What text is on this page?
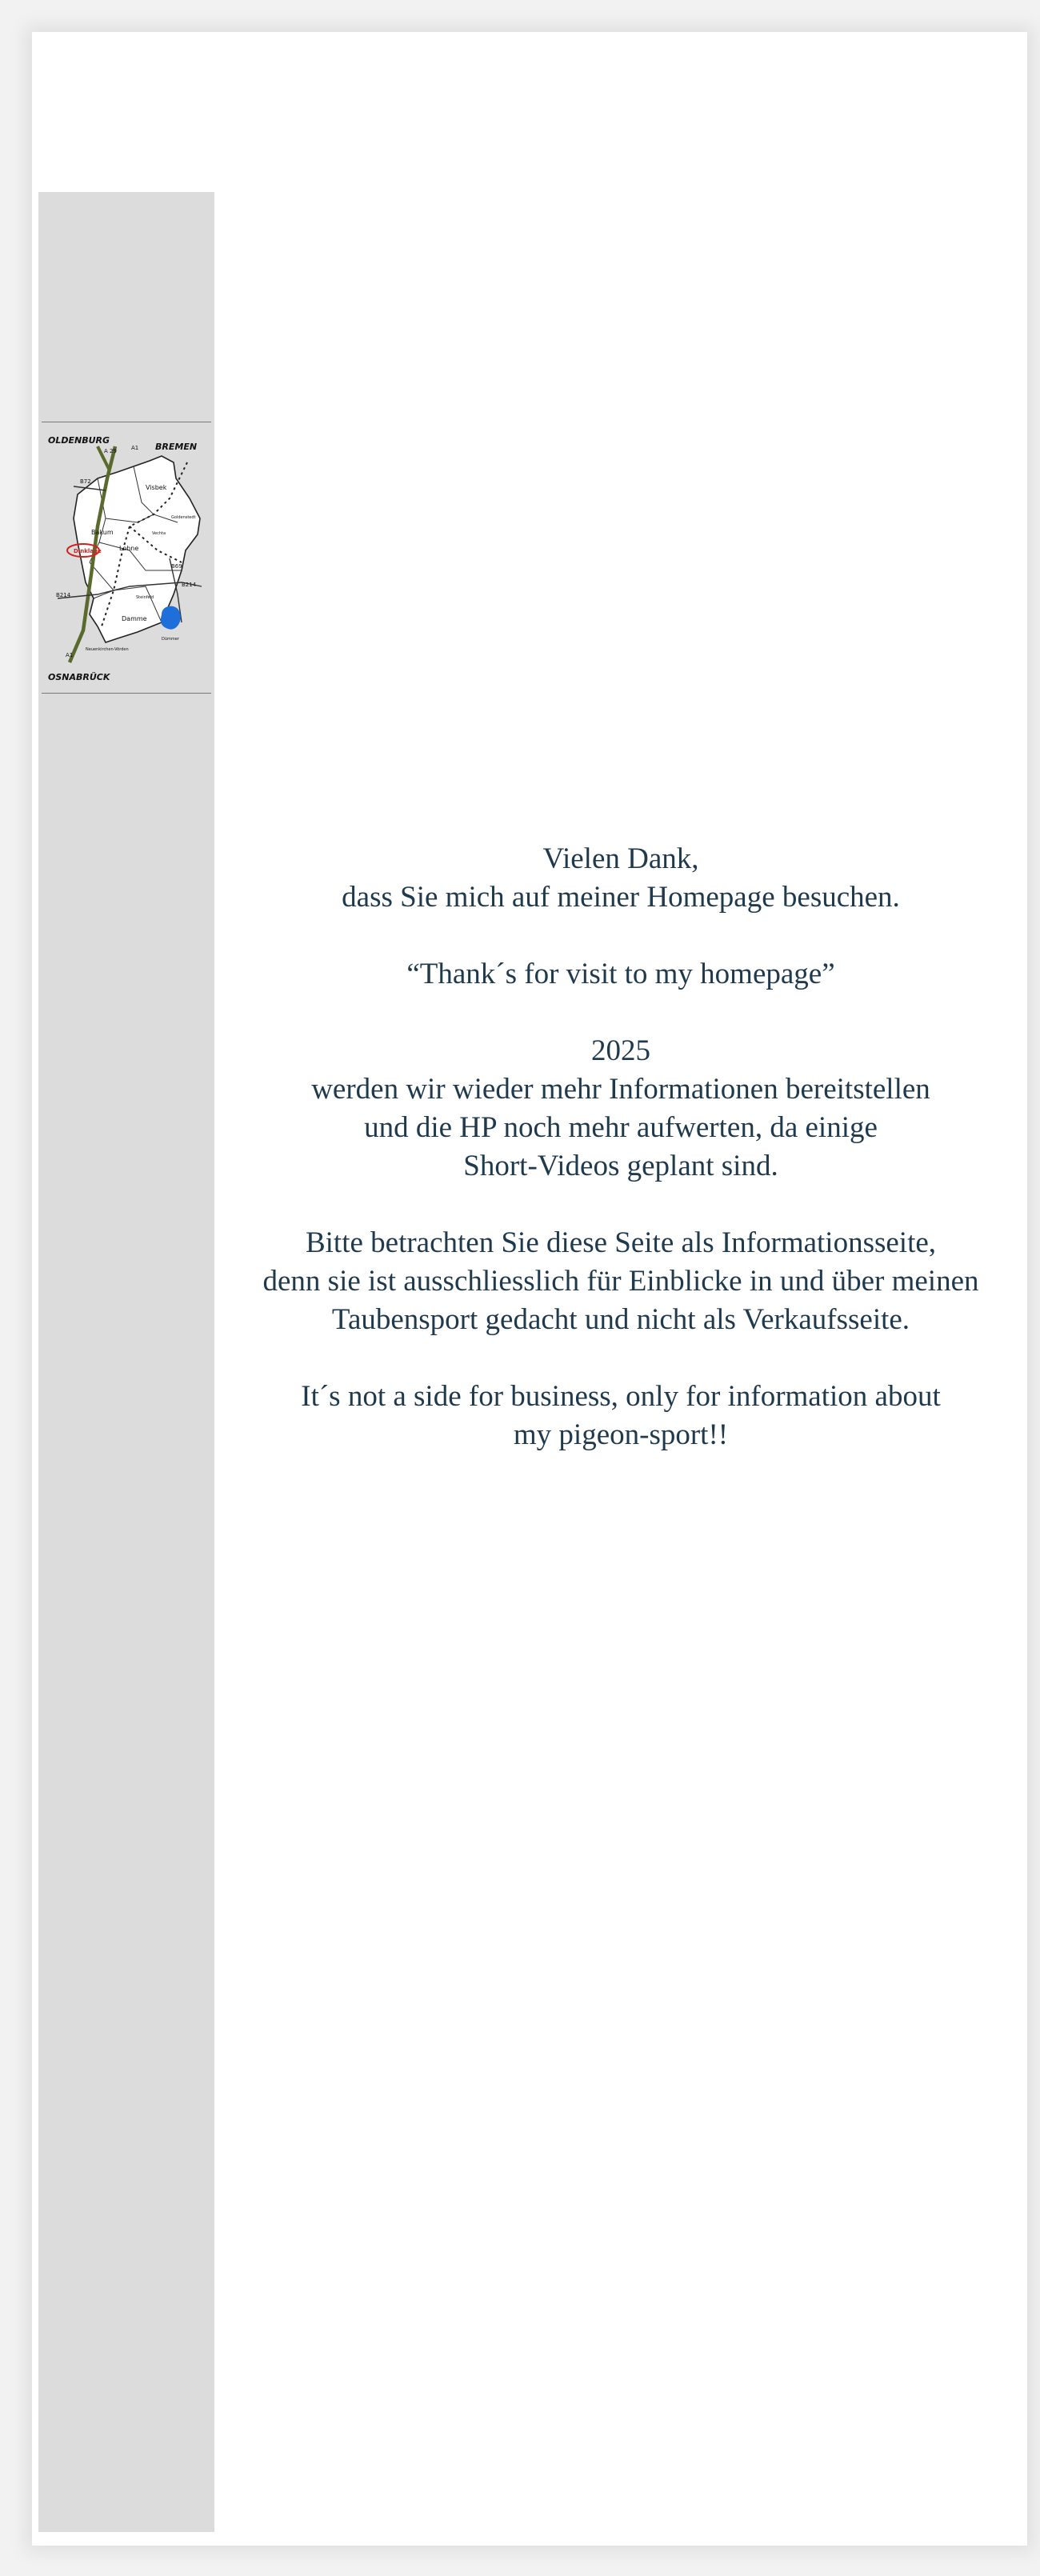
OLDENBURG
BREMEN
OSNABRÜCK
A 29	A1
A1
B72
B69
B214
B214
Visbek
Bakum
Dinklage	Lohne
Damme
Goldenstedt
Vechta
Steinfeld
Neuenkirchen-Vörden
Dümmer

Vielen Dank,
dass Sie mich auf meiner Homepage besuchen.

“Thank´s for visit to my homepage”

2025
werden wir wieder mehr Informationen bereitstellen
und die HP noch mehr aufwerten, da einige
Short-Videos geplant sind.

Bitte betrachten Sie diese Seite als Informationsseite,
denn sie ist ausschliesslich für Einblicke in und über meinen
Taubensport gedacht und nicht als Verkaufsseite.

It´s not a side for business, only for information about
my pigeon-sport!!
